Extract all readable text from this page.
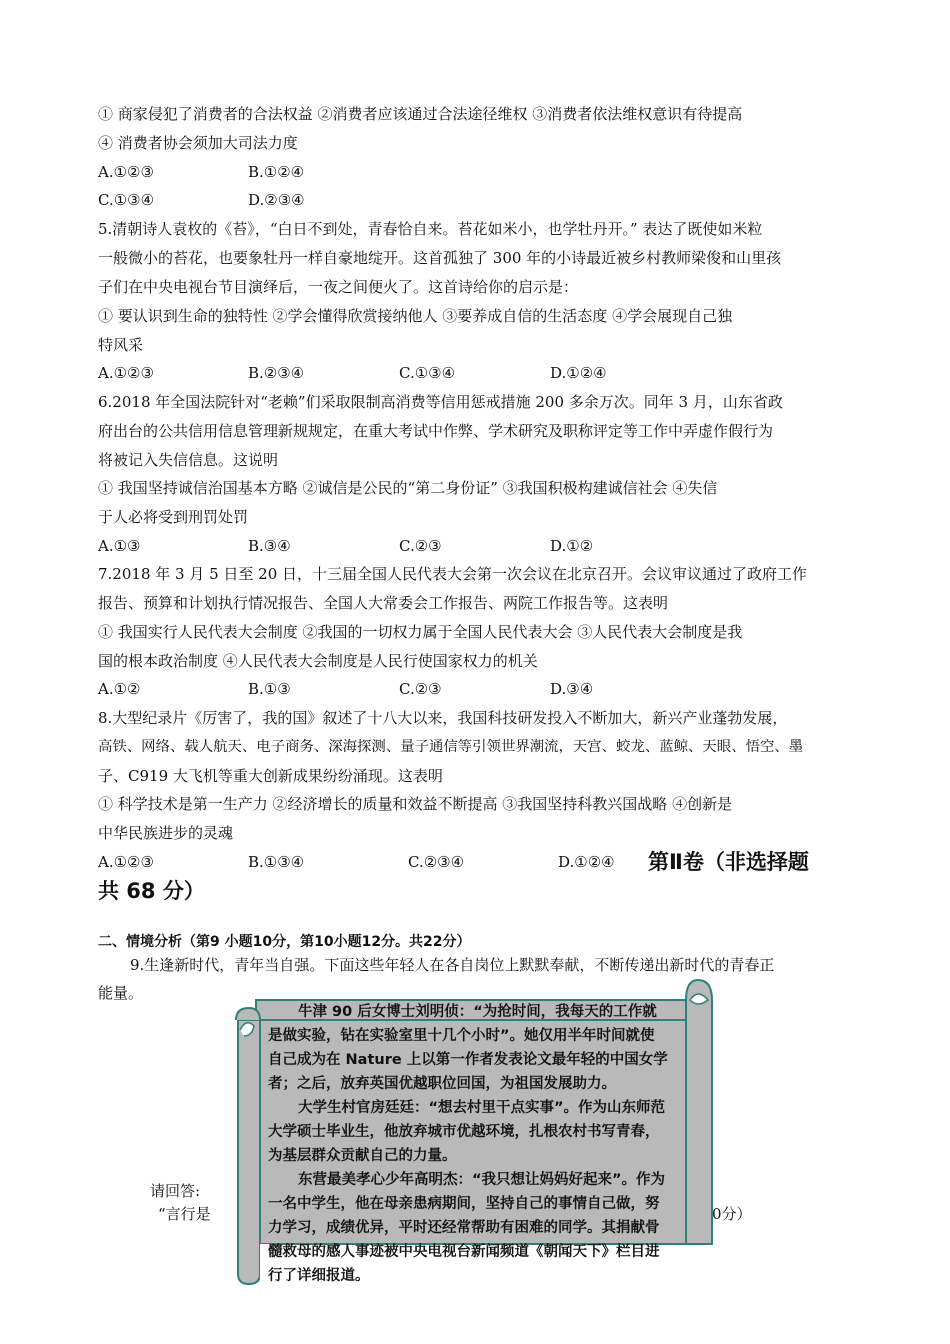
① 商家侵犯了消费者的合法权益 ②消费者应该通过合法途径维权 ③消费者依法维权意识有待提高
④ 消费者协会须加大司法力度
A.①②③	B.①②④
C.①③④	D.②③④
5.清朝诗人袁枚的《苔》，“白日不到处，青春恰自来。苔花如米小，也学牡丹开。” 表达了既使如米粒
一般微小的苔花，也要象牡丹一样自豪地绽开。这首孤独了 300 年的小诗最近被乡村教师梁俊和山里孩
子们在中央电视台节目演绎后，一夜之间便火了。这首诗给你的启示是：
① 要认识到生命的独特性 ②学会懂得欣赏接纳他人 ③要养成自信的生活态度 ④学会展现自己独
特风采
A.①②③	B.②③④	C.①③④	D.①②④
6.2018 年全国法院针对“老赖”们采取限制高消费等信用惩戒措施 200 多余万次。同年 3 月，山东省政
府出台的公共信用信息管理新规规定，在重大考试中作弊、学术研究及职称评定等工作中弄虚作假行为
将被记入失信信息。这说明
① 我国坚持诚信治国基本方略 ②诚信是公民的“第二身份证” ③我国积极构建诚信社会 ④失信
于人必将受到刑罚处罚
A.①③	B.③④	C.②③	D.①②
7.2018 年 3 月 5 日至 20 日，十三届全国人民代表大会第一次会议在北京召开。会议审议通过了政府工作
报告、预算和计划执行情况报告、全国人大常委会工作报告、两院工作报告等。这表明
① 我国实行人民代表大会制度 ②我国的一切权力属于全国人民代表大会 ③人民代表大会制度是我
国的根本政治制度 ④人民代表大会制度是人民行使国家权力的机关
A.①②	B.①③	C.②③	D.③④
8.大型纪录片《厉害了，我的国》叙述了十八大以来，我国科技研发投入不断加大，新兴产业蓬勃发展，
高铁、网络、载人航天、电子商务、深海探测、量子通信等引领世界潮流，天宫、蛟龙、蓝鲸、天眼、悟空、墨
子、C919 大飞机等重大创新成果纷纷涌现。这表明
① 科学技术是第一生产力 ②经济增长的质量和效益不断提高 ③我国坚持科教兴国战略 ④创新是
中华民族进步的灵魂
A.①②③	B.①③④	C.②③④	D.①②④ 第Ⅱ卷（非选择题
共 68 分）
二、情境分析（第9 小题10分，第10小题12分。共22分）
9.生逢新时代，青年当自强。下面这些年轻人在各自岗位上默默奉献，不断传递出新时代的青春正
能量。
请回答:
“言行是	0分）

牛津 90 后女博士刘明侦：“为抢时间，我每天的工作就是做实验，钻在实验室里十几个小时”。她仅用半年时间就使自己成为在 Nature 上以第一作者发表论文最年轻的中国女学者；之后，放弃英国优越职位回国，为祖国发展助力。

大学生村官房廷廷：“想去村里干点实事”。作为山东师范大学硕士毕业生，他放弃城市优越环境，扎根农村书写青春，为基层群众贡献自己的力量。

东营最美孝心少年高明杰：“我只想让妈妈好起来”。作为一名中学生，他在母亲患病期间，坚持自己的事情自己做，努力学习，成绩优异，平时还经常帮助有困难的同学。其捐献骨髓救母的感人事迹被中央电视台新闻频道《朝闻天下》栏目进行了详细报道。
